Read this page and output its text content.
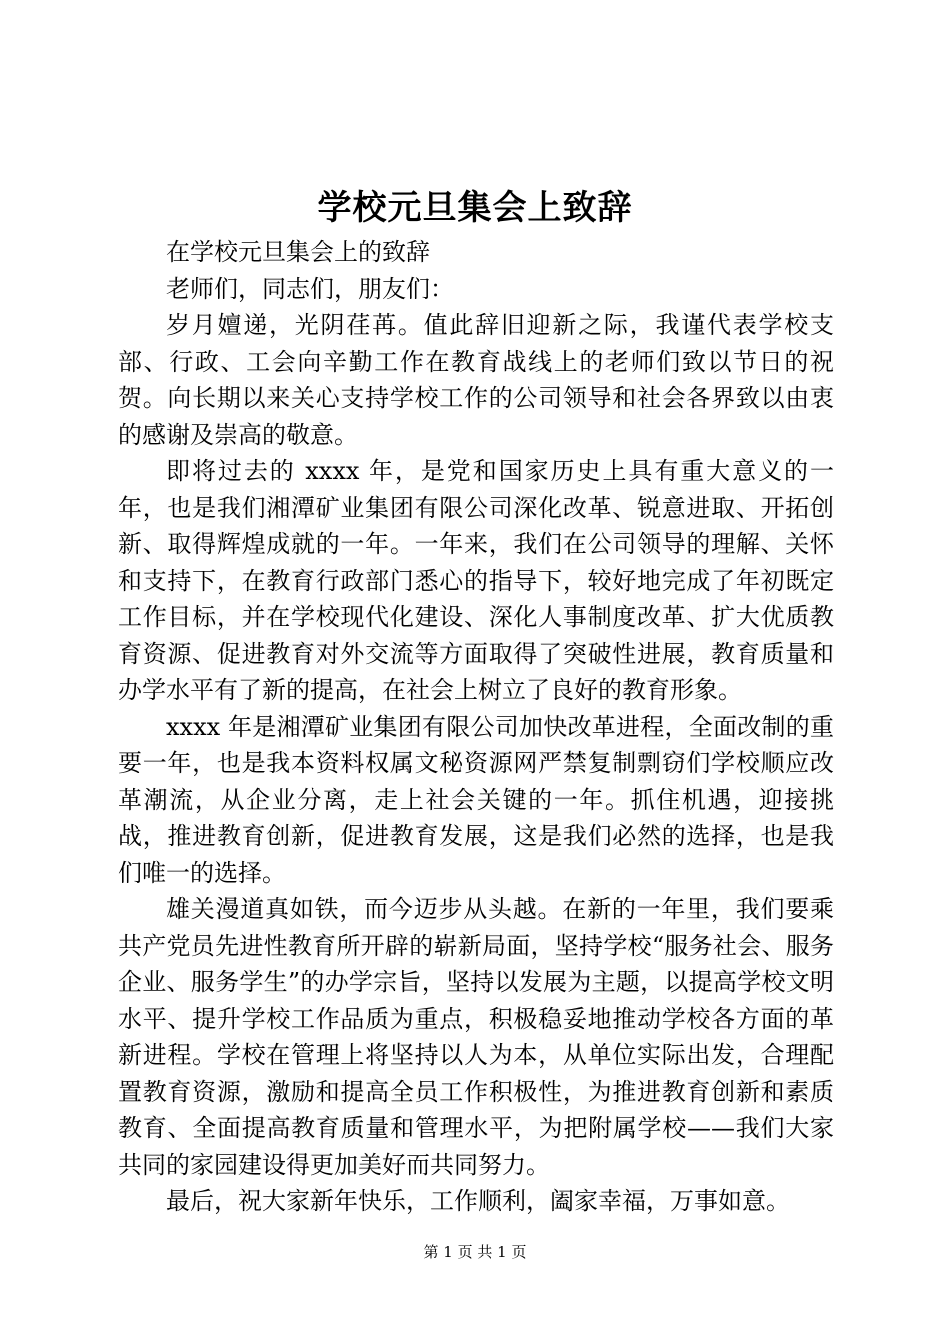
学校元旦集会上致辞

在学校元旦集会上的致辞

老师们，同志们，朋友们：

岁月嬗递，光阴荏苒。值此辞旧迎新之际，我谨代表学校支部、行政、工会向辛勤工作在教育战线上的老师们致以节日的祝贺。向长期以来关心支持学校工作的公司领导和社会各界致以由衷的感谢及崇高的敬意。

即将过去的 xxxx 年，是党和国家历史上具有重大意义的一年，也是我们湘潭矿业集团有限公司深化改革、锐意进取、开拓创新、取得辉煌成就的一年。一年来，我们在公司领导的理解、关怀和支持下，在教育行政部门悉心的指导下，较好地完成了年初既定工作目标，并在学校现代化建设、深化人事制度改革、扩大优质教育资源、促进教育对外交流等方面取得了突破性进展，教育质量和办学水平有了新的提高，在社会上树立了良好的教育形象。

xxxx 年是湘潭矿业集团有限公司加快改革进程，全面改制的重要一年，也是我本资料权属文秘资源网严禁复制剽窃们学校顺应改革潮流，从企业分离，走上社会关键的一年。抓住机遇，迎接挑战，推进教育创新，促进教育发展，这是我们必然的选择，也是我们唯一的选择。

雄关漫道真如铁，而今迈步从头越。在新的一年里，我们要乘共产党员先进性教育所开辟的崭新局面，坚持学校“服务社会、服务企业、服务学生”的办学宗旨，坚持以发展为主题，以提高学校文明水平、提升学校工作品质为重点，积极稳妥地推动学校各方面的革新进程。学校在管理上将坚持以人为本，从单位实际出发，合理配置教育资源，激励和提高全员工作积极性，为推进教育创新和素质教育、全面提高教育质量和管理水平，为把附属学校——我们大家共同的家园建设得更加美好而共同努力。

最后，祝大家新年快乐，工作顺利，阖家幸福，万事如意。

第 1 页 共 1 页
